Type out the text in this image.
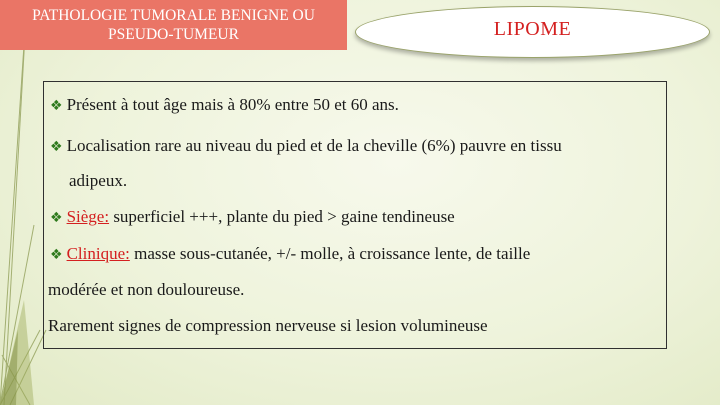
PATHOLOGIE TUMORALE BENIGNE OU
PSEUDO-TUMEUR	LIPOME
❖ Présent à tout âge mais à 80% entre 50 et 60 ans.
❖ Localisation rare au niveau du pied et de la cheville (6%) pauvre en tissu
adipeux.
❖ Siège: superficiel +++, plante du pied > gaine tendineuse
❖ Clinique: masse sous-cutanée, +/- molle, à croissance lente, de taille
modérée et non douloureuse.
Rarement signes de compression nerveuse si lesion volumineuse
